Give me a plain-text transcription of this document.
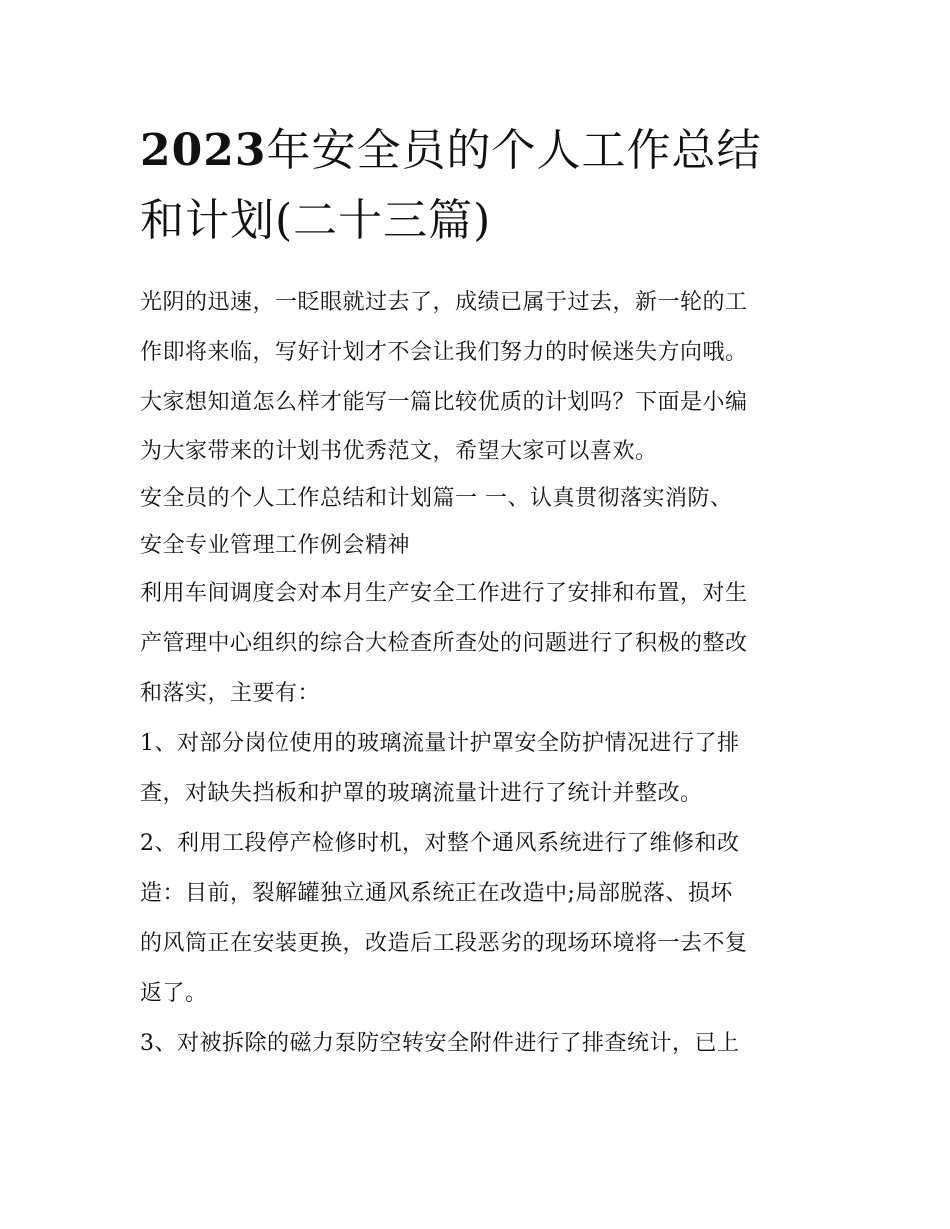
2023年安全员的个人工作总结
和计划(二十三篇)
光阴的迅速，一眨眼就过去了，成绩已属于过去，新一轮的工
作即将来临，写好计划才不会让我们努力的时候迷失方向哦。
大家想知道怎么样才能写一篇比较优质的计划吗？下面是小编
为大家带来的计划书优秀范文，希望大家可以喜欢。
安全员的个人工作总结和计划篇一 一、认真贯彻落实消防、
安全专业管理工作例会精神
利用车间调度会对本月生产安全工作进行了安排和布置，对生
产管理中心组织的综合大检查所查处的问题进行了积极的整改
和落实，主要有：
1、对部分岗位使用的玻璃流量计护罩安全防护情况进行了排
查，对缺失挡板和护罩的玻璃流量计进行了统计并整改。
2、利用工段停产检修时机，对整个通风系统进行了维修和改
造：目前，裂解罐独立通风系统正在改造中;局部脱落、损坏
的风筒正在安装更换，改造后工段恶劣的现场环境将一去不复
返了。
3、对被拆除的磁力泵防空转安全附件进行了排查统计，已上
